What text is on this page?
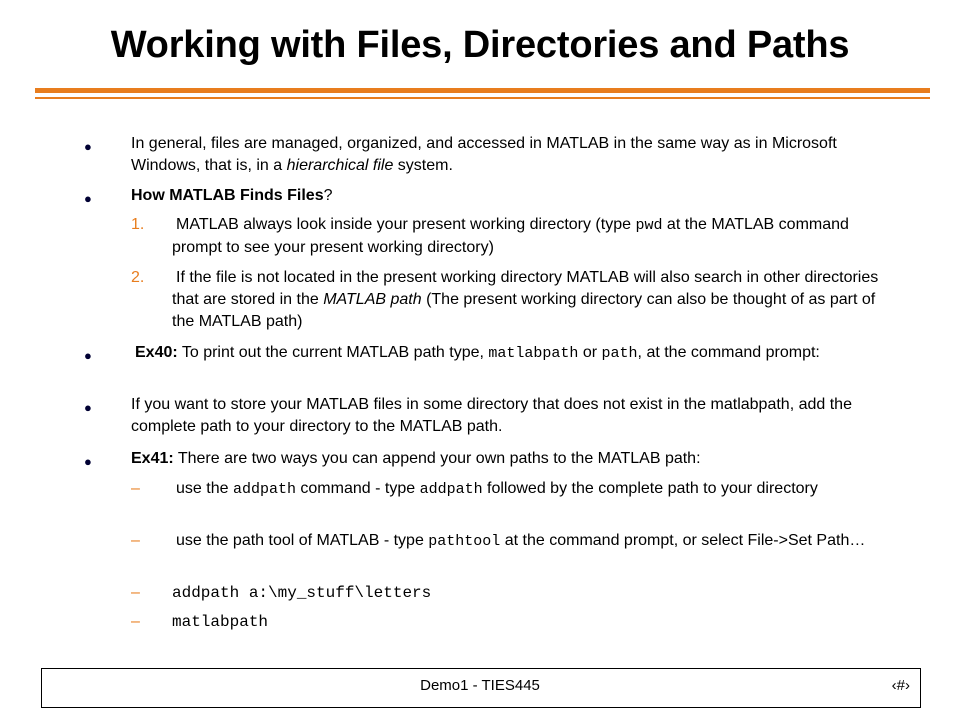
Working with Files, Directories and Paths
● In general, files are managed, organized, and accessed in MATLAB in the same way as in Microsoft Windows, that is, in a hierarchical file system.
● How MATLAB Finds Files?
1. MATLAB always look inside your present working directory (type pwd at the MATLAB command prompt to see your present working directory)
2. If the file is not located in the present working directory MATLAB will also search in other directories that are stored in the MATLAB path (The present working directory can also be thought of as part of the MATLAB path)
●	Ex40: To print out the current MATLAB path type, matlabpath or path, at the command prompt:
● If you want to store your MATLAB files in some directory that does not exist in the matlabpath, add the complete path to your directory to the MATLAB path.
● Ex41: There are two ways you can append your own paths to the MATLAB path:
– use the addpath command - type addpath followed by the complete path to your directory
– use the path tool of MATLAB - type pathtool at the command prompt, or select File->Set Path…
– addpath a:\my_stuff\letters
– matlabpath
Demo1 - TIES445	‹#›
